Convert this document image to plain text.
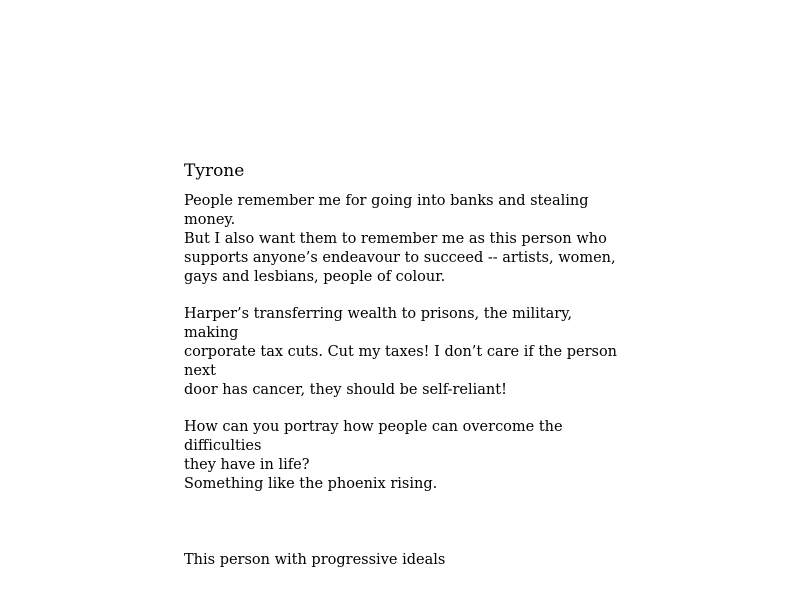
Tyrone

People remember me for going into banks and stealing money.
But I also want them to remember me as this person who
supports anyone’s endeavour to succeed -- artists, women,
gays and lesbians, people of colour.

Harper’s transferring wealth to prisons, the military, making
corporate tax cuts. Cut my taxes! I don’t care if the person next
door has cancer, they should be self-reliant!

How can you portray how people can overcome the difficulties
they have in life?
Something like the phoenix rising.

This person with progressive ideals
